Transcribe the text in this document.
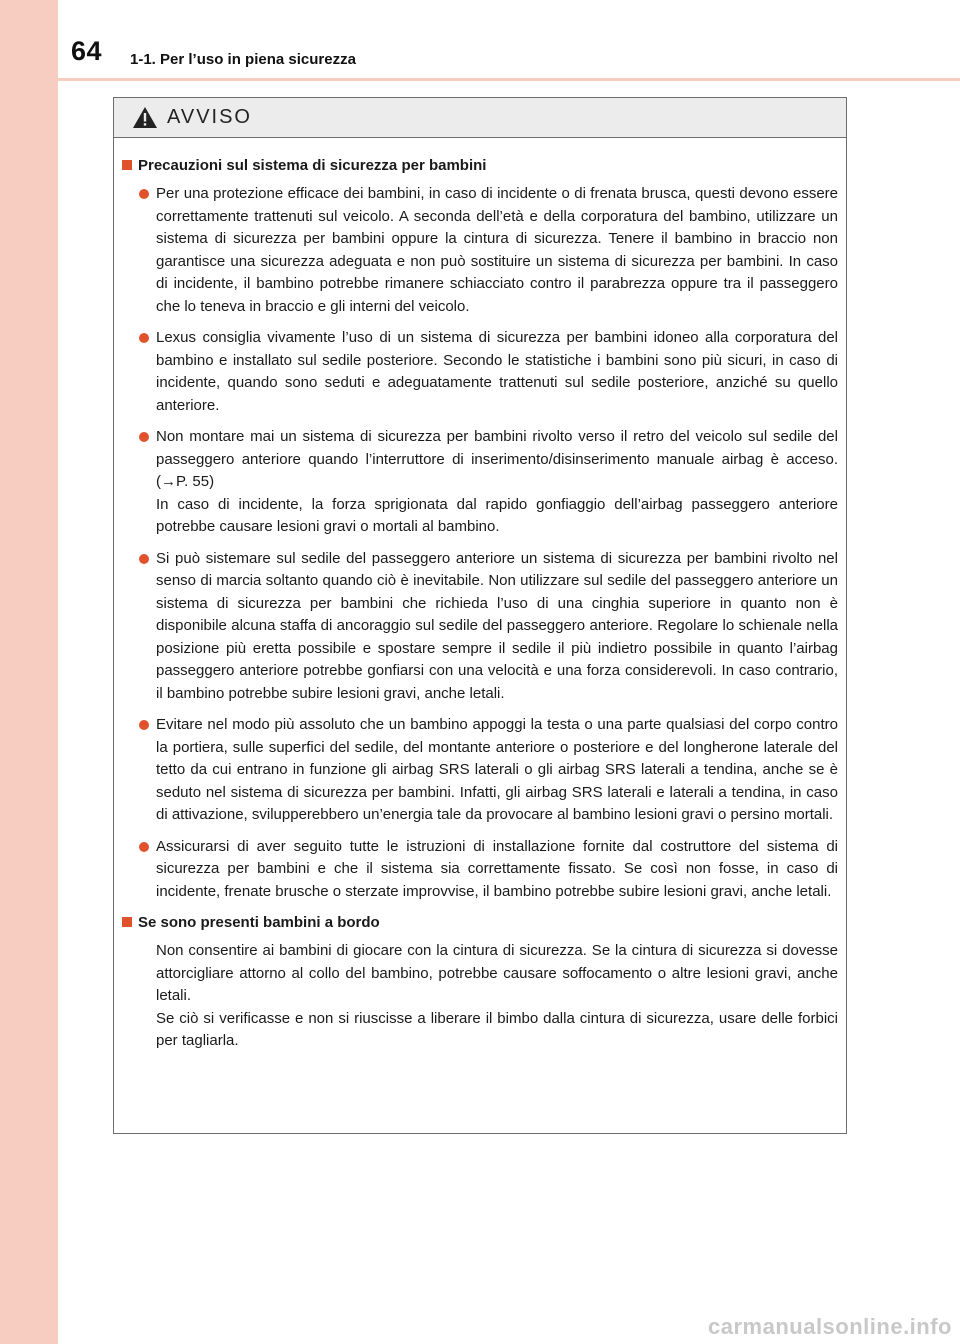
64 1-1. Per l’uso in piena sicurezza
AVVISO
Precauzioni sul sistema di sicurezza per bambini
Per una protezione efficace dei bambini, in caso di incidente o di frenata brusca, questi devono essere correttamente trattenuti sul veicolo. A seconda dell’età e della corporatura del bambino, utilizzare un sistema di sicurezza per bambini oppure la cintura di sicurezza. Tenere il bambino in braccio non garantisce una sicurezza adeguata e non può sostituire un sistema di sicurezza per bambini. In caso di incidente, il bambino potrebbe rimanere schiacciato contro il parabrezza oppure tra il passeggero che lo teneva in braccio e gli interni del veicolo.
Lexus consiglia vivamente l’uso di un sistema di sicurezza per bambini idoneo alla corporatura del bambino e installato sul sedile posteriore. Secondo le statistiche i bambini sono più sicuri, in caso di incidente, quando sono seduti e adeguatamente trattenuti sul sedile posteriore, anziché su quello anteriore.
Non montare mai un sistema di sicurezza per bambini rivolto verso il retro del veicolo sul sedile del passeggero anteriore quando l’interruttore di inserimento/disinserimento manuale airbag è acceso. (→P. 55)
In caso di incidente, la forza sprigionata dal rapido gonfiaggio dell’airbag passeggero anteriore potrebbe causare lesioni gravi o mortali al bambino.
Si può sistemare sul sedile del passeggero anteriore un sistema di sicurezza per bambini rivolto nel senso di marcia soltanto quando ciò è inevitabile. Non utilizzare sul sedile del passeggero anteriore un sistema di sicurezza per bambini che richieda l’uso di una cinghia superiore in quanto non è disponibile alcuna staffa di ancoraggio sul sedile del passeggero anteriore. Regolare lo schienale nella posizione più eretta possibile e spostare sempre il sedile il più indietro possibile in quanto l’airbag passeggero anteriore potrebbe gonfiarsi con una velocità e una forza considerevoli. In caso contrario, il bambino potrebbe subire lesioni gravi, anche letali.
Evitare nel modo più assoluto che un bambino appoggi la testa o una parte qualsiasi del corpo contro la portiera, sulle superfici del sedile, del montante anteriore o posteriore e del longherone laterale del tetto da cui entrano in funzione gli airbag SRS laterali o gli airbag SRS laterali a tendina, anche se è seduto nel sistema di sicurezza per bambini. Infatti, gli airbag SRS laterali e laterali a tendina, in caso di attivazione, svilupperebbero un’energia tale da provocare al bambino lesioni gravi o persino mortali.
Assicurarsi di aver seguito tutte le istruzioni di installazione fornite dal costruttore del sistema di sicurezza per bambini e che il sistema sia correttamente fissato. Se così non fosse, in caso di incidente, frenate brusche o sterzate improvvise, il bambino potrebbe subire lesioni gravi, anche letali.
Se sono presenti bambini a bordo
Non consentire ai bambini di giocare con la cintura di sicurezza. Se la cintura di sicurezza si dovesse attorcigliare attorno al collo del bambino, potrebbe causare soffocamento o altre lesioni gravi, anche letali.
Se ciò si verificasse e non si riuscisse a liberare il bimbo dalla cintura di sicurezza, usare delle forbici per tagliarla.
carmanualsonline.info
